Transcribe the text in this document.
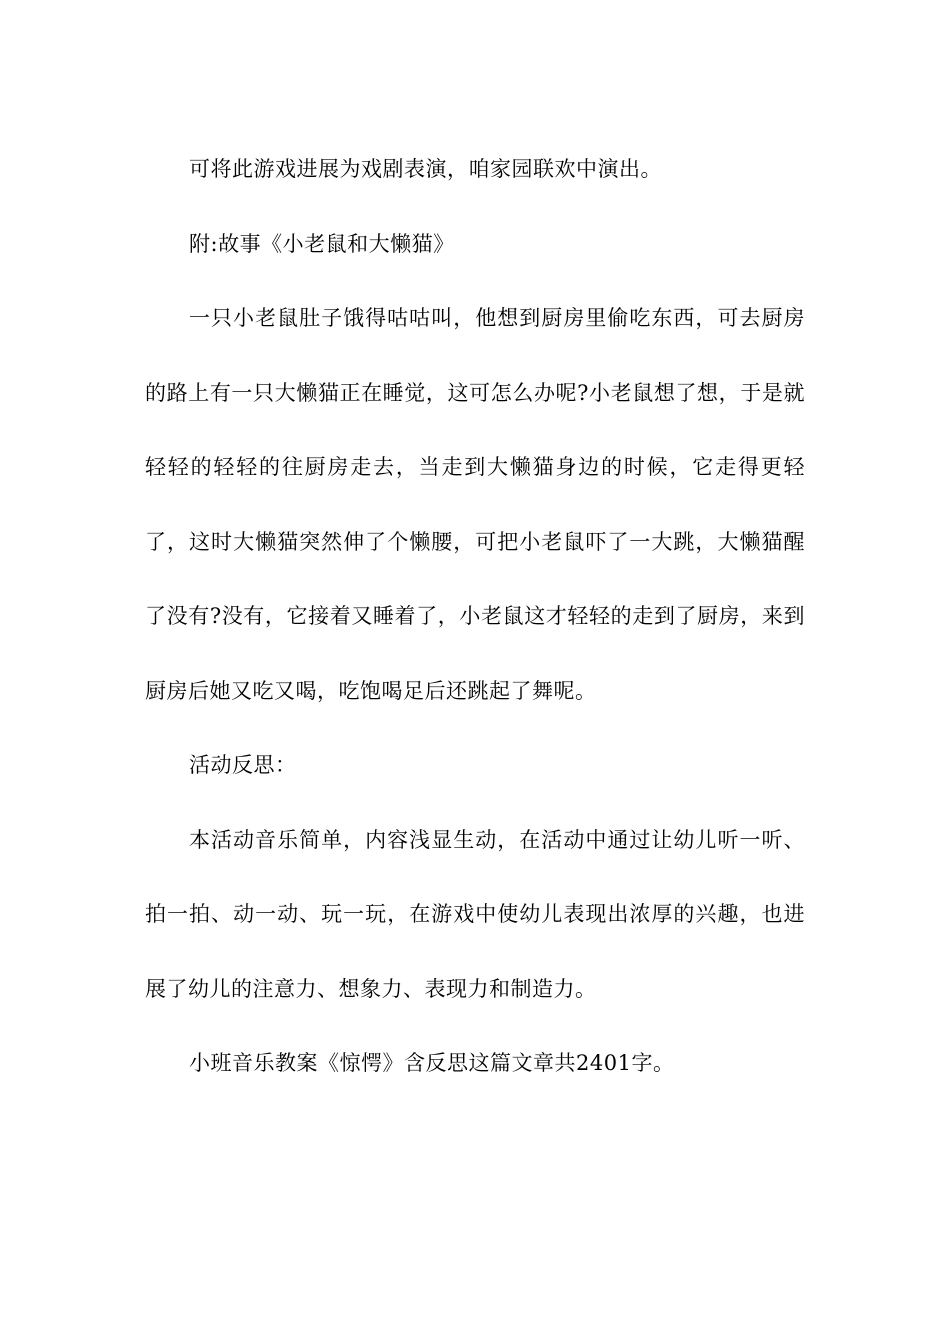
可将此游戏进展为戏剧表演，咱家园联欢中演出。

附:故事《小老鼠和大懒猫》

一只小老鼠肚子饿得咕咕叫，他想到厨房里偷吃东西，可去厨房的路上有一只大懒猫正在睡觉，这可怎么办呢?小老鼠想了想，于是就轻轻的轻轻的往厨房走去，当走到大懒猫身边的时候，它走得更轻了，这时大懒猫突然伸了个懒腰，可把小老鼠吓了一大跳，大懒猫醒了没有?没有，它接着又睡着了，小老鼠这才轻轻的走到了厨房，来到厨房后她又吃又喝，吃饱喝足后还跳起了舞呢。

活动反思：

本活动音乐简单，内容浅显生动，在活动中通过让幼儿听一听、拍一拍、动一动、玩一玩，在游戏中使幼儿表现出浓厚的兴趣，也进展了幼儿的注意力、想象力、表现力和制造力。

小班音乐教案《惊愕》含反思这篇文章共2401字。
